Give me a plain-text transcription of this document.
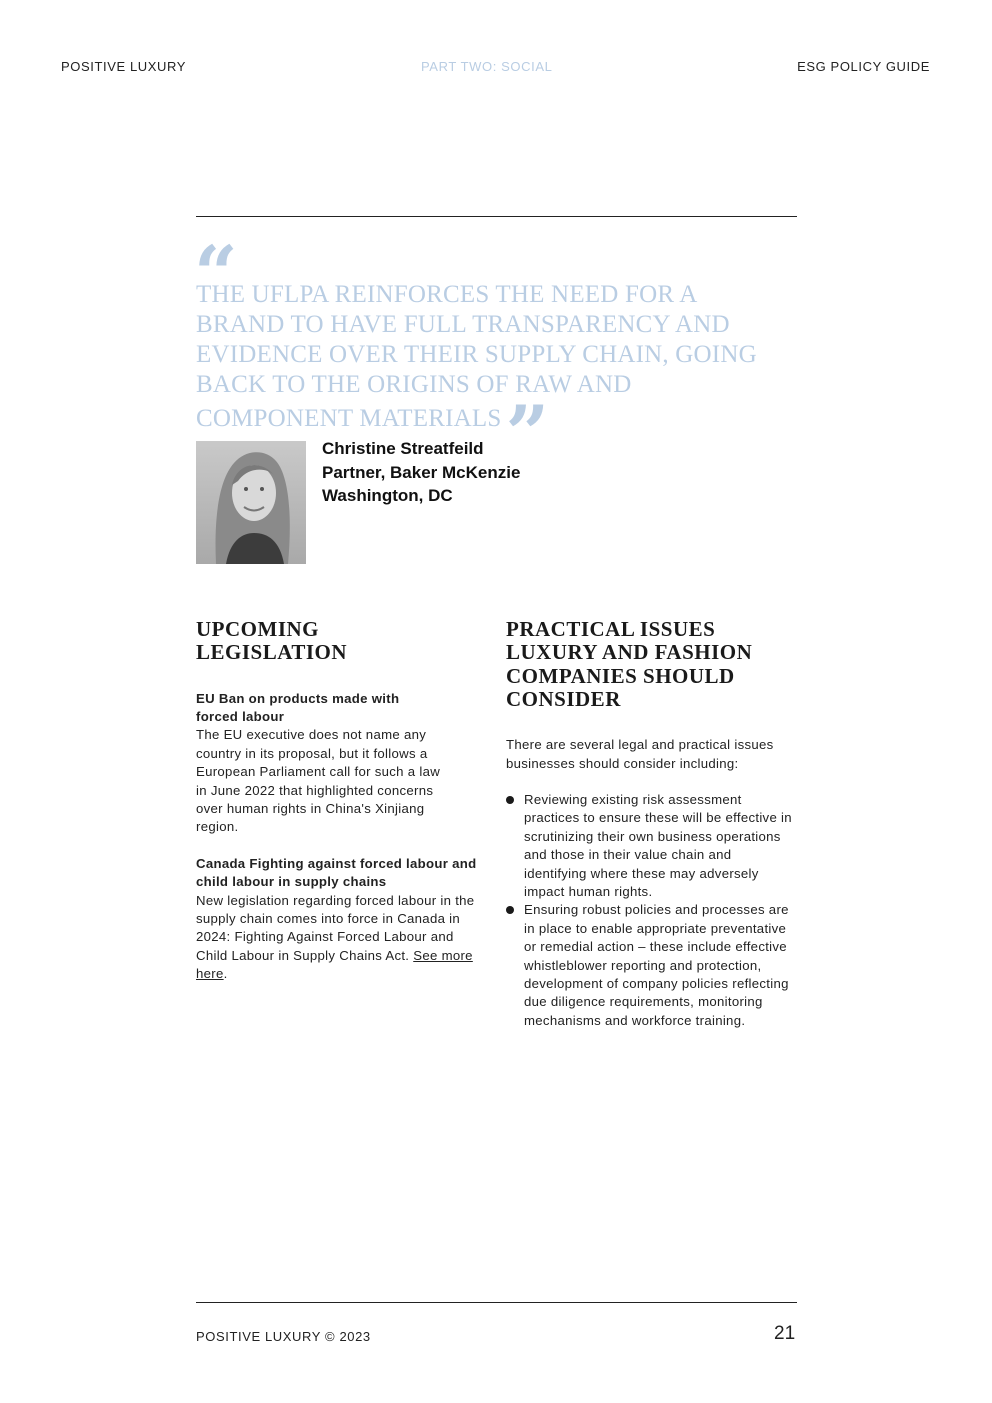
POSITIVE LUXURY	PART TWO: SOCIAL	ESG POLICY GUIDE
“
THE UFLPA REINFORCES THE NEED FOR A BRAND TO HAVE FULL TRANSPARENCY AND EVIDENCE OVER THEIR SUPPLY CHAIN, GOING BACK TO THE ORIGINS OF RAW AND COMPONENT MATERIALS”
Christine Streatfeild
Partner, Baker McKenzie
Washington, DC
UPCOMING LEGISLATION
EU Ban on products made with forced labour
The EU executive does not name any country in its proposal, but it follows a European Parliament call for such a law in June 2022 that highlighted concerns over human rights in China's Xinjiang region.
Canada Fighting against forced labour and child labour in supply chains
New legislation regarding forced labour in the supply chain comes into force in Canada in 2024: Fighting Against Forced Labour and Child Labour in Supply Chains Act. See more here.
PRACTICAL ISSUES LUXURY AND FASHION COMPANIES SHOULD CONSIDER
There are several legal and practical issues businesses should consider including:
Reviewing existing risk assessment practices to ensure these will be effective in scrutinizing their own business operations and those in their value chain and identifying where these may adversely impact human rights.
Ensuring robust policies and processes are in place to enable appropriate preventative or remedial action – these include effective whistleblower reporting and protection, development of company policies reflecting due diligence requirements, monitoring mechanisms and workforce training.
POSITIVE LUXURY © 2023	21
